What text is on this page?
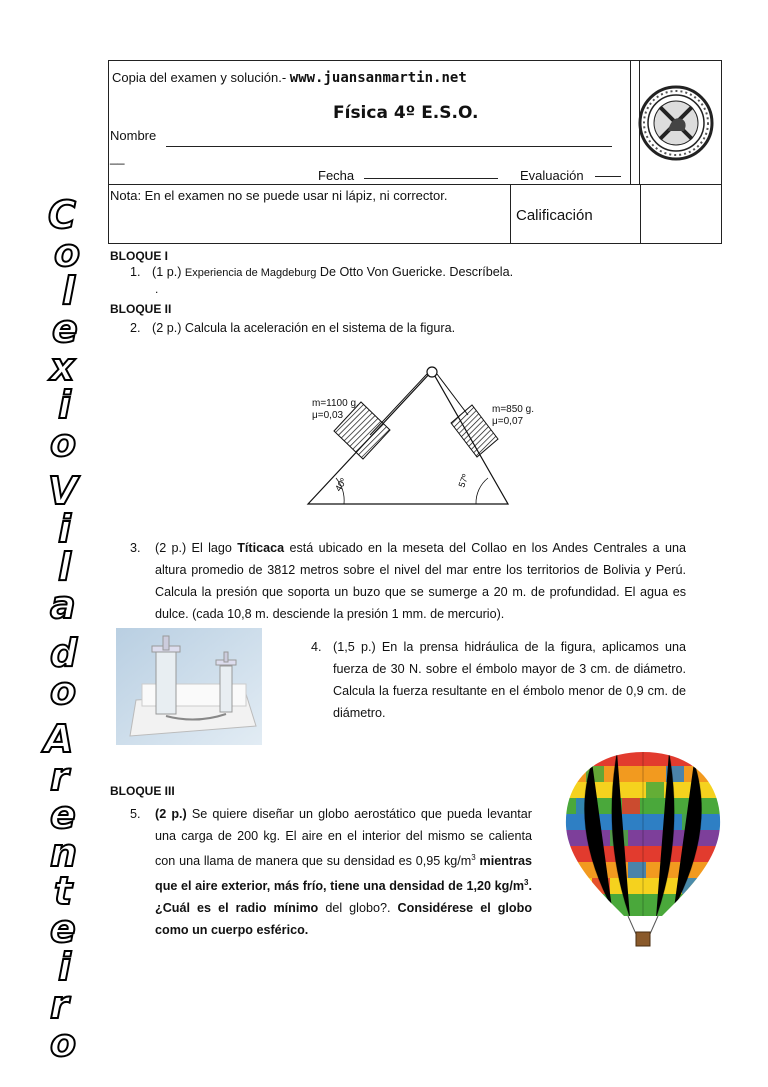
Copia del examen y solución.- www.juansanmartin.net
Física 4º E.S.O.
Nombre
__
Fecha	Evaluación
Nota: En el examen no se puede usar ni lápiz, ni corrector.
Calificación
C
o
l
e
x
i
o
V
i
l
a
d
o
A
r
e
n
t
e
i
r
o
BLOQUE I
1. (1 p.) Experiencia de Magdeburg De Otto Von Guericke. Descríbela.
.
BLOQUE II
2. (2 p.) Calcula la aceleración en el sistema de la figura.
40º	57º
m=1100 g.
μ=0,03
m=850 g.
μ=0,07
3. (2 p.) El lago Títicaca está ubicado en la meseta del Collao en los Andes Centrales a una altura promedio de 3812 metros sobre el nivel del mar entre los territorios de Bolivia y Perú. Calcula la presión que soporta un buzo que se sumerge a 20 m. de profundidad. El agua es dulce. (cada 10,8 m. desciende la presión 1 mm. de mercurio).
4. (1,5 p.) En la prensa hidráulica de la figura, aplicamos una fuerza de 30 N. sobre el émbolo mayor de 3 cm. de diámetro. Calcula la fuerza resultante en el émbolo menor de 0,9 cm. de diámetro.
BLOQUE III
5. (2 p.) Se quiere diseñar un globo aerostático que pueda levantar una carga de 200 kg. El aire en el interior del mismo se calienta con una llama de manera que su densidad es 0,95 $kg/m^3$ mientras que el aire exterior, más frío, tiene una densidad de 1,20 $kg/m^3$. ¿Cuál es el radio mínimo del globo?. Considérese el globo como un cuerpo esférico.
